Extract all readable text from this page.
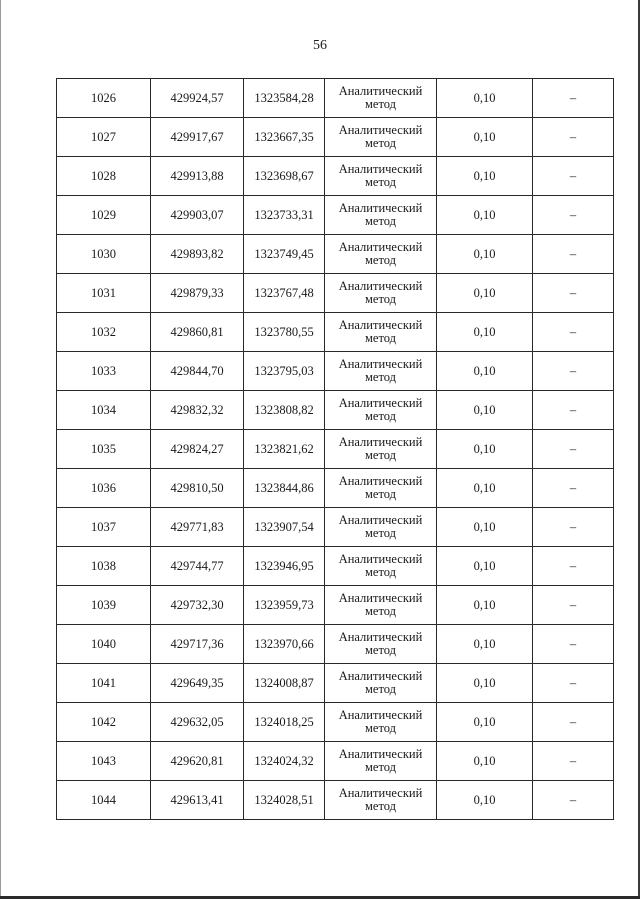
56
1026	429924,57	1323584,28	Аналитический
метод	0,10	–
1027	429917,67	1323667,35	Аналитический
метод	0,10	–
1028	429913,88	1323698,67	Аналитический
метод	0,10	–
1029	429903,07	1323733,31	Аналитический
метод	0,10	–
1030	429893,82	1323749,45	Аналитический
метод	0,10	–
1031	429879,33	1323767,48	Аналитический
метод	0,10	–
1032	429860,81	1323780,55	Аналитический
метод	0,10	–
1033	429844,70	1323795,03	Аналитический
метод	0,10	–
1034	429832,32	1323808,82	Аналитический
метод	0,10	–
1035	429824,27	1323821,62	Аналитический
метод	0,10	–
1036	429810,50	1323844,86	Аналитический
метод	0,10	–
1037	429771,83	1323907,54	Аналитический
метод	0,10	–
1038	429744,77	1323946,95	Аналитический
метод	0,10	–
1039	429732,30	1323959,73	Аналитический
метод	0,10	–
1040	429717,36	1323970,66	Аналитический
метод	0,10	–
1041	429649,35	1324008,87	Аналитический
метод	0,10	–
1042	429632,05	1324018,25	Аналитический
метод	0,10	–
1043	429620,81	1324024,32	Аналитический
метод	0,10	–
1044	429613,41	1324028,51	Аналитический
метод	0,10	–
